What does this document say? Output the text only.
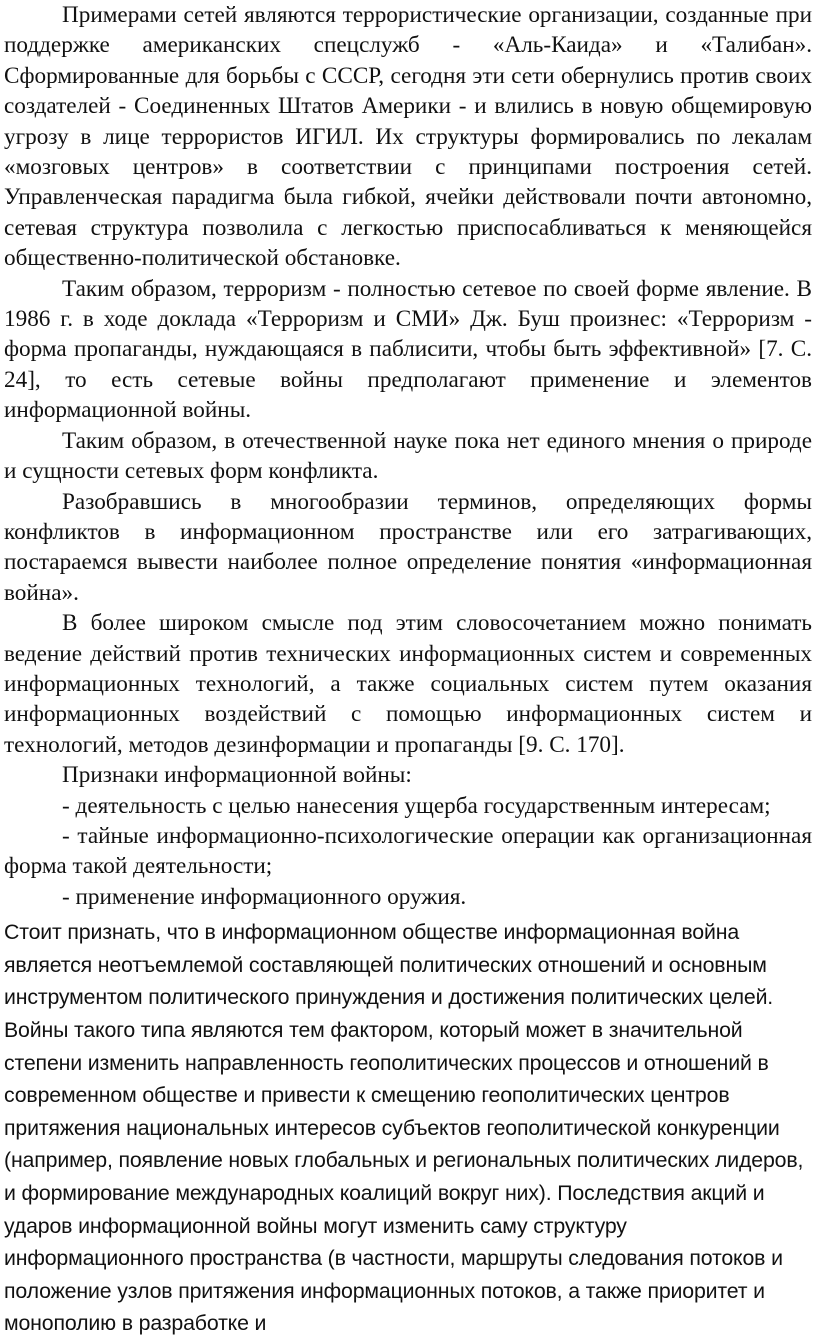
Примерами сетей являются террористические организации, созданные при поддержке американских спецслужб - «Аль-Каида» и «Талибан». Сформированные для борьбы с СССР, сегодня эти сети обернулись против своих создателей - Соединенных Штатов Америки - и влились в новую общемировую угрозу в лице террористов ИГИЛ. Их структуры формировались по лекалам «мозговых центров» в соответствии с принципами построения сетей. Управленческая парадигма была гибкой, ячейки действовали почти автономно, сетевая структура позволила с легкостью приспосабливаться к меняющейся общественно-политической обстановке.

Таким образом, терроризм - полностью сетевое по своей форме явление. В 1986 г. в ходе доклада «Терроризм и СМИ» Дж. Буш произнес: «Терроризм - форма пропаганды, нуждающаяся в паблисити, чтобы быть эффективной» [7. С. 24], то есть сетевые войны предполагают применение и элементов информационной войны.

Таким образом, в отечественной науке пока нет единого мнения о природе и сущности сетевых форм конфликта.

Разобравшись в многообразии терминов, определяющих формы конфликтов в информационном пространстве или его затрагивающих, постараемся вывести наиболее полное определение понятия «информационная война».

В более широком смысле под этим словосочетанием можно понимать ведение действий против технических информационных систем и современных информационных технологий, а также социальных систем путем оказания информационных воздействий с помощью информационных систем и технологий, методов дезинформации и пропаганды [9. С. 170].

Признаки информационной войны:

- деятельность с целью нанесения ущерба государственным интересам;

- тайные информационно-психологические операции как организационная форма такой деятельности;

- применение информационного оружия.

Стоит признать, что в информационном обществе информационная война является неотъемлемой составляющей политических отношений и основным инструментом политического принуждения и достижения политических целей. Войны такого типа являются тем фактором, который может в значительной степени изменить направленность геополитических процессов и отношений в современном обществе и привести к смещению геополитических центров притяжения национальных интересов субъектов геополитической конкуренции (например, появление новых глобальных и региональных политических лидеров, и формирование международных коалиций вокруг них). Последствия акций и ударов информационной войны могут изменить саму структуру информационного пространства (в частности, маршруты следования потоков и положение узлов притяжения информационных потоков, а также приоритет и монополию в разработке и
